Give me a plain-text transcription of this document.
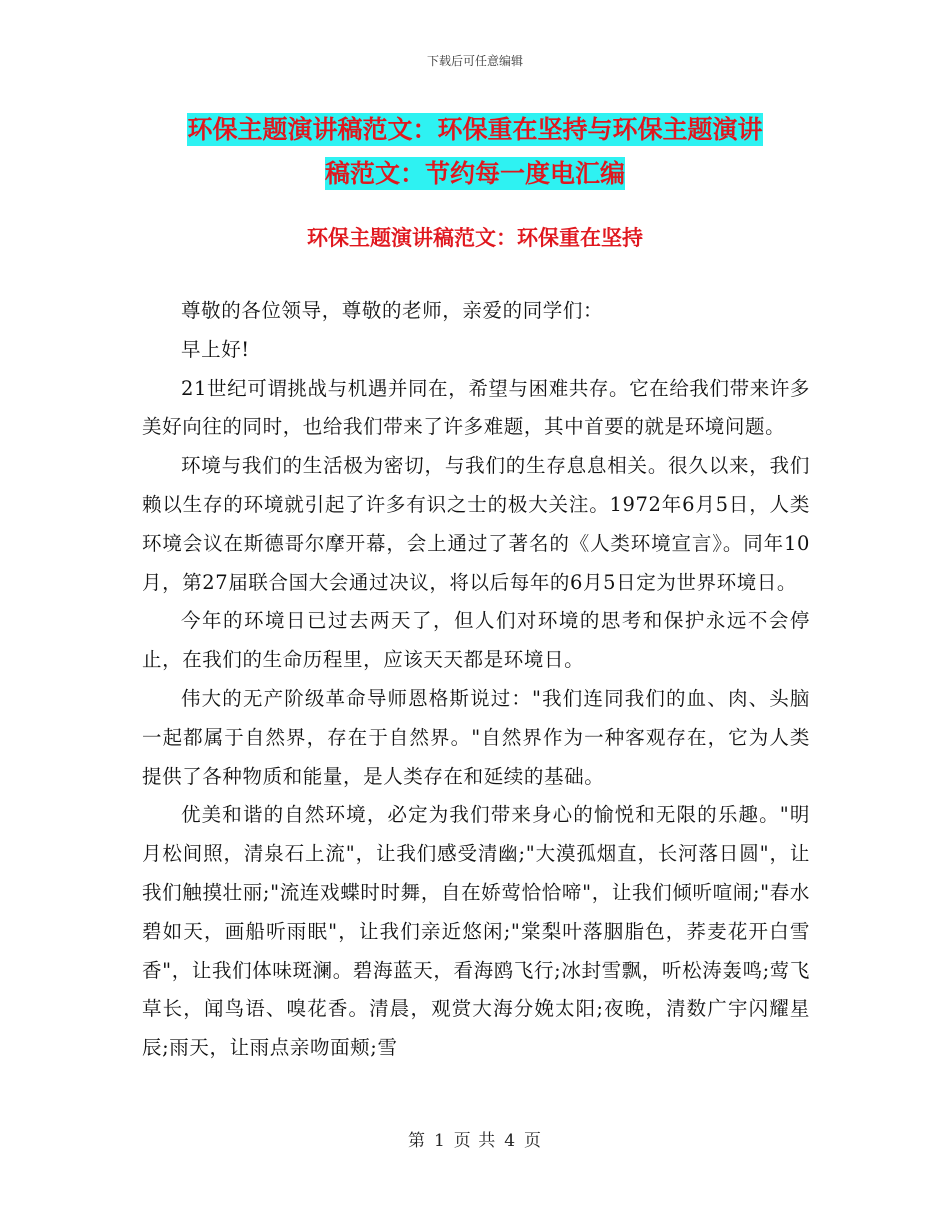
下载后可任意编辑
环保主题演讲稿范文：环保重在坚持与环保主题演讲
稿范文：节约每一度电汇编
环保主题演讲稿范文：环保重在坚持

尊敬的各位领导，尊敬的老师，亲爱的同学们：

早上好!

21世纪可谓挑战与机遇并同在，希望与困难共存。它在给我们带来许多美好向往的同时，也给我们带来了许多难题，其中首要的就是环境问题。

环境与我们的生活极为密切，与我们的生存息息相关。很久以来，我们赖以生存的环境就引起了许多有识之士的极大关注。1972年6月5日，人类环境会议在斯德哥尔摩开幕，会上通过了著名的《人类环境宣言》。同年10月，第27届联合国大会通过决议，将以后每年的6月5日定为世界环境日。

今年的环境日已过去两天了，但人们对环境的思考和保护永远不会停止，在我们的生命历程里，应该天天都是环境日。

伟大的无产阶级革命导师恩格斯说过："我们连同我们的血、肉、头脑一起都属于自然界，存在于自然界。"自然界作为一种客观存在，它为人类提供了各种物质和能量，是人类存在和延续的基础。

优美和谐的自然环境，必定为我们带来身心的愉悦和无限的乐趣。"明月松间照，清泉石上流"，让我们感受清幽;"大漠孤烟直，长河落日圆"，让我们触摸壮丽;"流连戏蝶时时舞，自在娇莺恰恰啼"，让我们倾听喧闹;"春水碧如天，画船听雨眠"，让我们亲近悠闲;"棠梨叶落胭脂色，荞麦花开白雪香"，让我们体味斑澜。碧海蓝天，看海鸥飞行;冰封雪飘，听松涛轰鸣;莺飞草长，闻鸟语、嗅花香。清晨，观赏大海分娩太阳;夜晚，清数广宇闪耀星辰;雨天，让雨点亲吻面颊;雪

第 1 页 共 4 页
